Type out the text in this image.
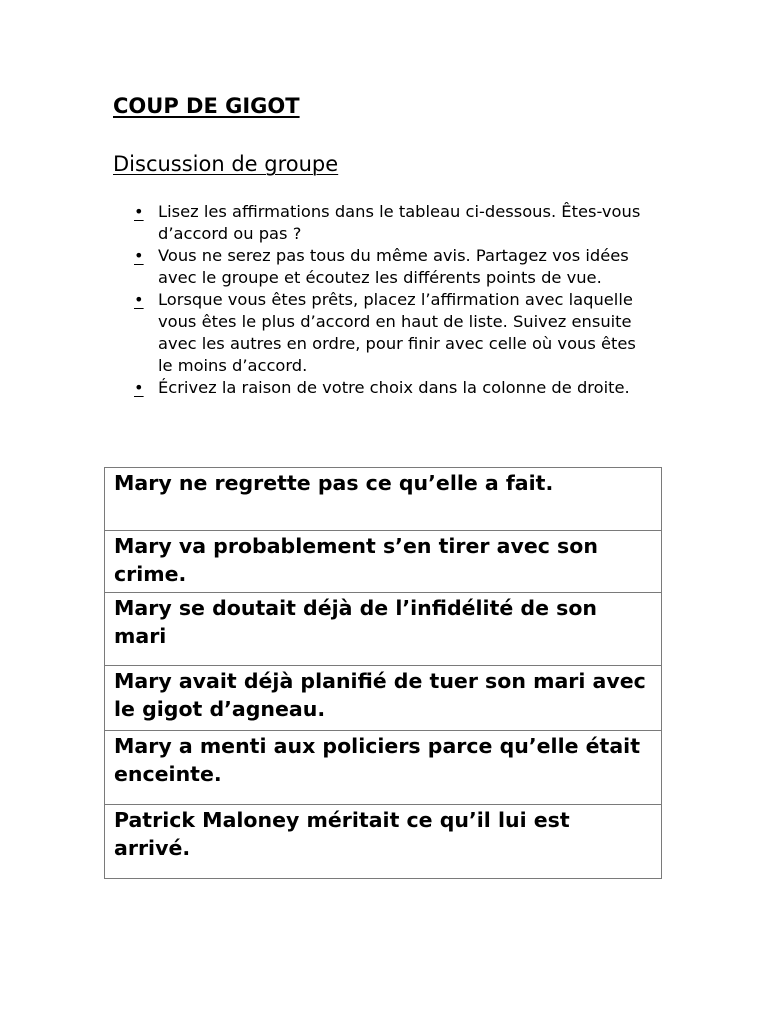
COUP DE GIGOT
Discussion de groupe
• Lisez les affirmations dans le tableau ci-dessous. Êtes-vous d’accord ou pas ?
• Vous ne serez pas tous du même avis. Partagez vos idées avec le groupe et écoutez les différents points de vue.
• Lorsque vous êtes prêts, placez l’affirmation avec laquelle vous êtes le plus d’accord en haut de liste. Suivez ensuite avec les autres en ordre, pour finir avec celle où vous êtes le moins d’accord.
• Écrivez la raison de votre choix dans la colonne de droite.
Mary ne regrette pas ce qu’elle a fait.
Mary va probablement s’en tirer avec son crime.
Mary se doutait déjà de l’infidélité de son mari
Mary avait déjà planifié de tuer son mari avec le gigot d’agneau.
Mary a menti aux policiers parce qu’elle était enceinte.
Patrick Maloney méritait ce qu’il lui est arrivé.
